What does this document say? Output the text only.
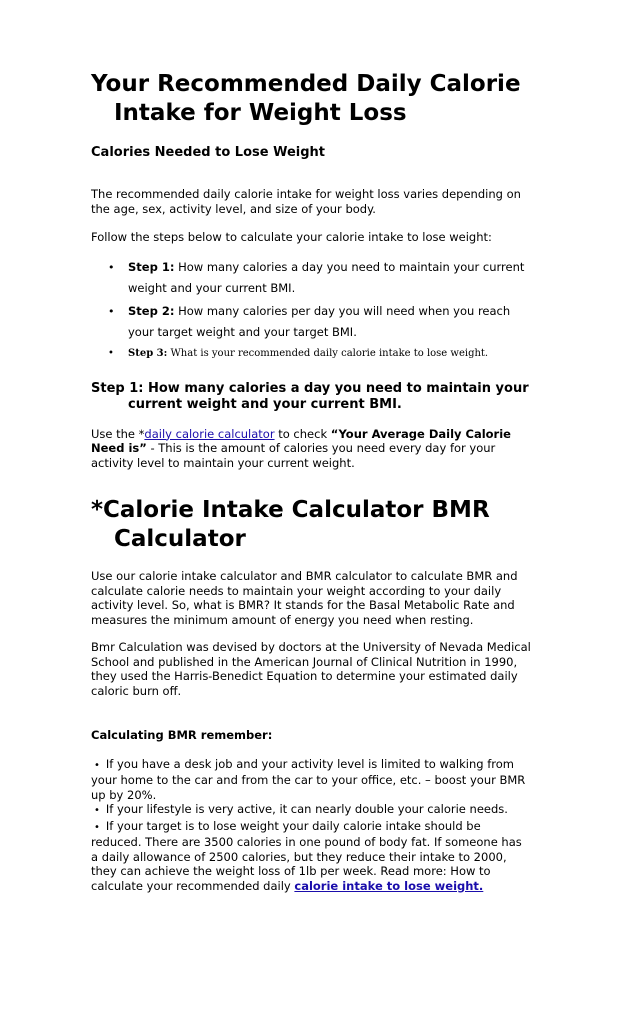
Your Recommended Daily Calorie Intake for Weight Loss
Calories Needed to Lose Weight

The recommended daily calorie intake for weight loss varies depending on the age, sex, activity level, and size of your body.

Follow the steps below to calculate your calorie intake to lose weight:

• Step 1: How many calories a day you need to maintain your current weight and your current BMI.
• Step 2: How many calories per day you will need when you reach your target weight and your target BMI.
• Step 3: What is your recommended daily calorie intake to lose weight.
Step 1: How many calories a day you need to maintain your current weight and your current BMI.

Use the *daily calorie calculator to check “Your Average Daily Calorie Need is” - This is the amount of calories you need every day for your activity level to maintain your current weight.

*Calorie Intake Calculator BMR Calculator

Use our calorie intake calculator and BMR calculator to calculate BMR and calculate calorie needs to maintain your weight according to your daily activity level. So, what is BMR? It stands for the Basal Metabolic Rate and measures the minimum amount of energy you need when resting.

Bmr Calculation was devised by doctors at the University of Nevada Medical School and published in the American Journal of Clinical Nutrition in 1990, they used the Harris-Benedict Equation to determine your estimated daily caloric burn off.

Calculating BMR remember:

• If you have a desk job and your activity level is limited to walking from your home to the car and from the car to your office, etc. – boost your BMR up by 20%.

• If your lifestyle is very active, it can nearly double your calorie needs.

• If your target is to lose weight your daily calorie intake should be reduced. There are 3500 calories in one pound of body fat. If someone has a daily allowance of 2500 calories, but they reduce their intake to 2000, they can achieve the weight loss of 1lb per week. Read more: How to calculate your recommended daily calorie intake to lose weight.
